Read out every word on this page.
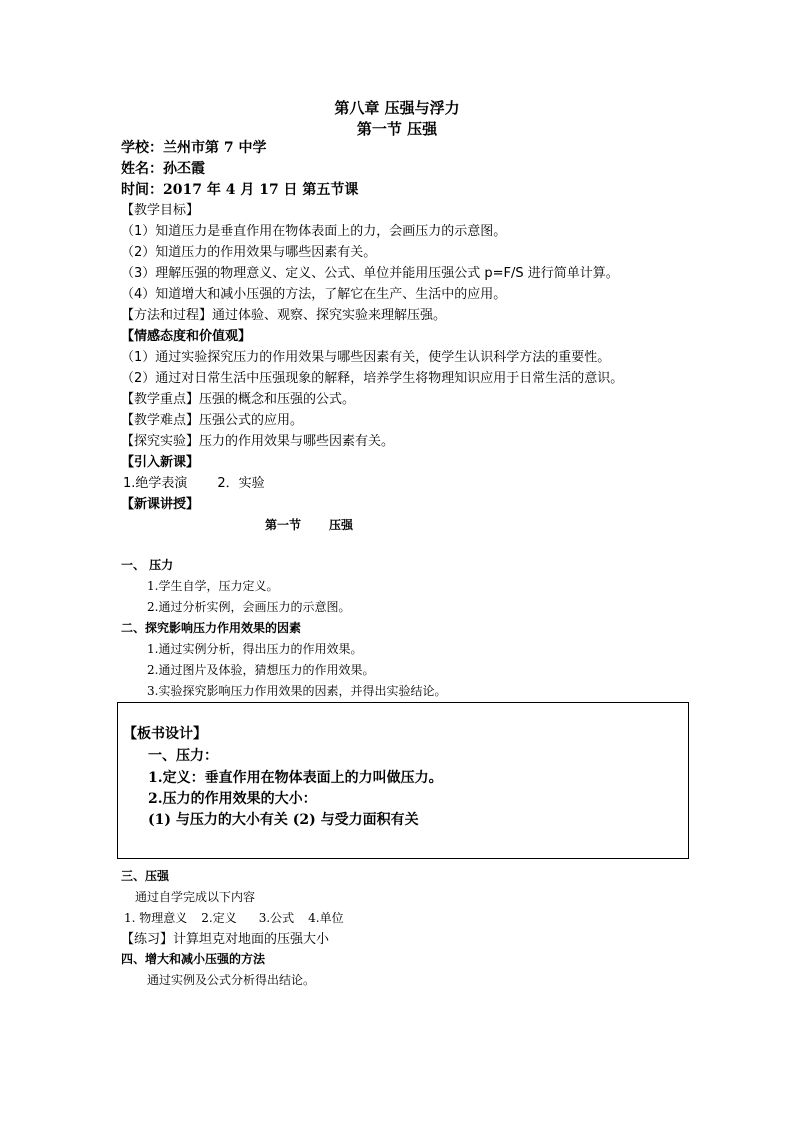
第八章 压强与浮力
第一节 压强
学校：兰州市第 7 中学
姓名：孙丕霞
时间：2017 年 4 月 17 日 第五节课
【教学目标】
（1）知道压力是垂直作用在物体表面上的力，会画压力的示意图。
（2）知道压力的作用效果与哪些因素有关。
（3）理解压强的物理意义、定义、公式、单位并能用压强公式 p=F/S 进行简单计算。
（4）知道增大和减小压强的方法，了解它在生产、生活中的应用。
【方法和过程】通过体验、观察、探究实验来理解压强。
【情感态度和价值观】
（1）通过实验探究压力的作用效果与哪些因素有关，使学生认识科学方法的重要性。
（2）通过对日常生活中压强现象的解释，培养学生将物理知识应用于日常生活的意识。
【教学重点】压强的概念和压强的公式。
【教学难点】压强公式的应用。
【探究实验】压力的作用效果与哪些因素有关。
【引入新课】
1.绝学表演 2．实验
【新课讲授】
第一节 压强
一、 压力
1.学生自学，压力定义。
2.通过分析实例，会画压力的示意图。
二、探究影响压力作用效果的因素
1.通过实例分析，得出压力的作用效果。
2.通过图片及体验，猜想压力的作用效果。
3.实验探究影响压力作用效果的因素，并得出实验结论。
【板书设计】
一、压力：
1.定义：垂直作用在物体表面上的力叫做压力。
2.压力的作用效果的大小：
(1) 与压力的大小有关 (2) 与受力面积有关
三、压强
通过自学完成以下内容
1. 物理意义 2.定义 3.公式 4.单位
【练习】计算坦克对地面的压强大小
四、增大和减小压强的方法
通过实例及公式分析得出结论。
